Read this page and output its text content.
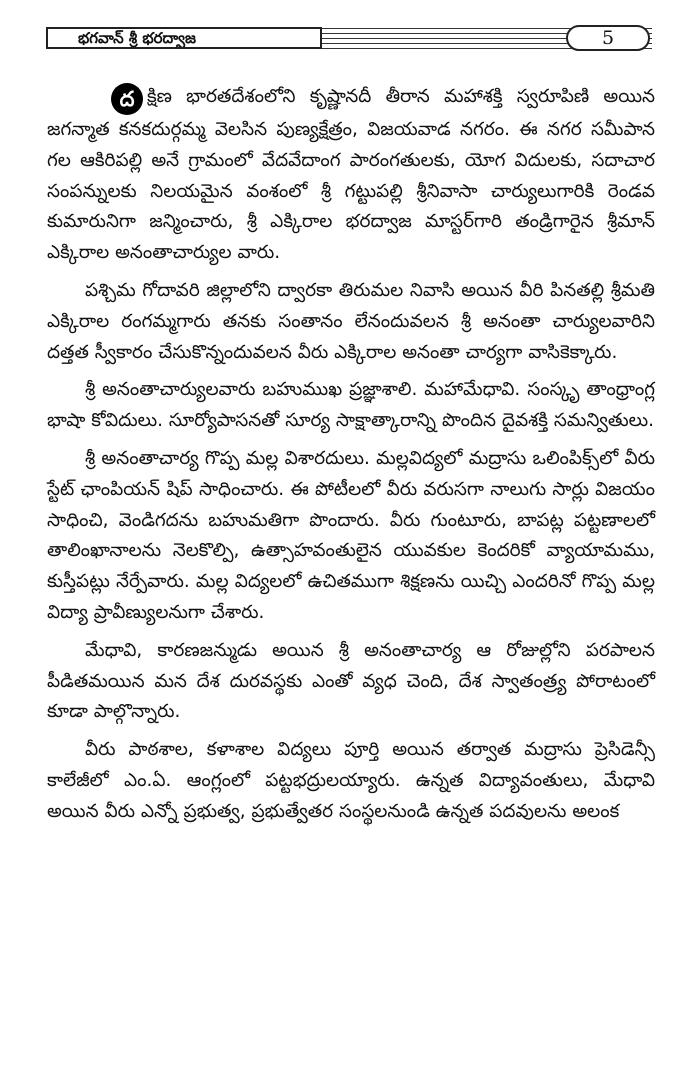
భగవాన్ శ్రీ భరద్వాజ	5

ద క్షిణ భారతదేశంలోని కృష్ణానదీ తీరాన మహాశక్తి స్వరూపిణి అయిన జగన్మాత కనకదుర్గమ్మ వెలసిన పుణ్యక్షేత్రం, విజయవాడ నగరం. ఈ నగర సమీపాన గల ఆకిరిపల్లి అనే గ్రామంలో వేదవేదాంగ పారంగతులకు, యోగ విదులకు, సదాచార సంపన్నులకు నిలయమైన వంశంలో శ్రీ గట్టుపల్లి శ్రీనివాసా చార్యులుగారికి రెండవ కుమారునిగా జన్మించారు, శ్రీ ఎక్కిరాల భరద్వాజ మాస్టర్‌గారి తండ్రిగారైన శ్రీమాన్ ఎక్కిరాల అనంతాచార్యుల వారు.

పశ్చిమ గోదావరి జిల్లాలోని ద్వారకా తిరుమల నివాసి అయిన వీరి పినతల్లి శ్రీమతి ఎక్కిరాల రంగమ్మగారు తనకు సంతానం లేనందువలన శ్రీ అనంతా చార్యులవారిని దత్తత స్వీకారం చేసుకొన్నందువలన వీరు ఎక్కిరాల అనంతా చార్యగా వాసికెక్కారు.

శ్రీ అనంతాచార్యులవారు బహుముఖ ప్రజ్ఞాశాలి. మహామేధావి. సంస్కృ తాంధ్రాంగ్ల భాషా కోవిదులు. సూర్యోపాసనతో సూర్య సాక్షాత్కారాన్ని పొందిన దైవశక్తి సమన్వితులు.

శ్రీ అనంతాచార్య గొప్ప మల్ల విశారదులు. మల్లవిద్యలో మద్రాసు ఒలింపిక్స్‌లో వీరు స్టేట్ ఛాంపియన్ షిప్ సాధించారు. ఈ పోటీలలో వీరు వరుసగా నాలుగు సార్లు విజయం సాధించి, వెండిగదను బహుమతిగా పొందారు. వీరు గుంటూరు, బాపట్ల పట్టణాలలో తాలింఖానాలను నెలకొల్పి, ఉత్సాహవంతులైన యువకుల కెందరికో వ్యాయామము, కుస్తీపట్లు నేర్పేవారు. మల్ల విద్యలలో ఉచితముగా శిక్షణను యిచ్చి ఎందరినో గొప్ప మల్ల విద్యా ప్రావీణ్యులనుగా చేశారు.

మేధావి, కారణజన్ముడు అయిన శ్రీ అనంతాచార్య ఆ రోజుల్లోని పరపాలన పీడితమయిన మన దేశ దురవస్థకు ఎంతో వ్యధ చెంది, దేశ స్వాతంత్ర్య పోరాటంలో కూడా పాల్గొన్నారు.

వీరు పాఠశాల, కళాశాల విద్యలు పూర్తి అయిన తర్వాత మద్రాసు ప్రెసిడెన్సీ కాలేజీలో ఎం.ఏ. ఆంగ్లంలో పట్టభద్రులయ్యారు. ఉన్నత విద్యావంతులు, మేధావి అయిన వీరు ఎన్నో ప్రభుత్వ, ప్రభుత్వేతర సంస్థలనుండి ఉన్నత పదవులను అలంక
